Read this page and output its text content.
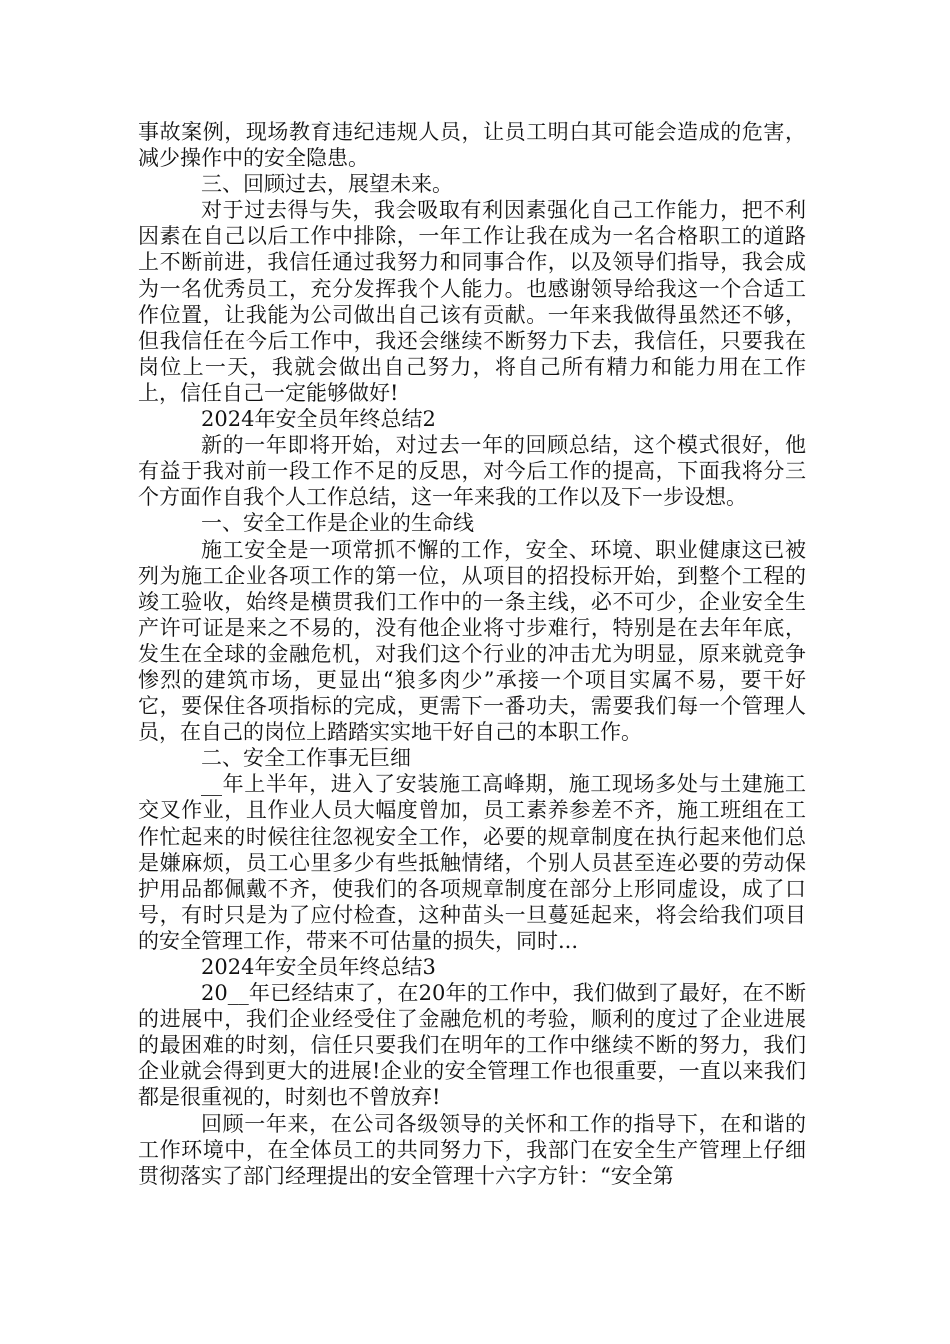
事故案例，现场教育违纪违规人员，让员工明白其可能会造成的危害，减少操作中的安全隐患。

三、回顾过去，展望未来。

对于过去得与失，我会吸取有利因素强化自己工作能力，把不利因素在自己以后工作中排除，一年工作让我在成为一名合格职工的道路上不断前进，我信任通过我努力和同事合作，以及领导们指导，我会成为一名优秀员工，充分发挥我个人能力。也感谢领导给我这一个合适工作位置，让我能为公司做出自己该有贡献。一年来我做得虽然还不够，但我信任在今后工作中，我还会继续不断努力下去，我信任，只要我在岗位上一天，我就会做出自己努力，将自己所有精力和能力用在工作上，信任自己一定能够做好!

2024年安全员年终总结2

新的一年即将开始，对过去一年的回顾总结，这个模式很好，他有益于我对前一段工作不足的反思，对今后工作的提高，下面我将分三个方面作自我个人工作总结，这一年来我的工作以及下一步设想。

一、安全工作是企业的生命线

施工安全是一项常抓不懈的工作，安全、环境、职业健康这已被列为施工企业各项工作的第一位，从项目的招投标开始，到整个工程的竣工验收，始终是横贯我们工作中的一条主线，必不可少，企业安全生产许可证是来之不易的，没有他企业将寸步难行，特别是在去年年底，发生在全球的金融危机，对我们这个行业的冲击尤为明显，原来就竞争惨烈的建筑市场，更显出“狼多肉少”承接一个项目实属不易，要干好它，要保住各项指标的完成，更需下一番功夫，需要我们每一个管理人员，在自己的岗位上踏踏实实地干好自己的本职工作。

二、安全工作事无巨细

__年上半年，进入了安装施工高峰期，施工现场多处与土建施工交叉作业，且作业人员大幅度曾加，员工素养参差不齐，施工班组在工作忙起来的时候往往忽视安全工作，必要的规章制度在执行起来他们总是嫌麻烦，员工心里多少有些抵触情绪，个别人员甚至连必要的劳动保护用品都佩戴不齐，使我们的各项规章制度在部分上形同虚设，成了口号，有时只是为了应付检查，这种苗头一旦蔓延起来，将会给我们项目的安全管理工作，带来不可估量的损失，同时...

2024年安全员年终总结3

20__年已经结束了，在20年的工作中，我们做到了最好，在不断的进展中，我们企业经受住了金融危机的考验，顺利的度过了企业进展的最困难的时刻，信任只要我们在明年的工作中继续不断的努力，我们企业就会得到更大的进展!企业的安全管理工作也很重要，一直以来我们都是很重视的，时刻也不曾放弃!

回顾一年来，在公司各级领导的关怀和工作的指导下，在和谐的工作环境中，在全体员工的共同努力下，我部门在安全生产管理上仔细贯彻落实了部门经理提出的安全管理十六字方针：“安全第
